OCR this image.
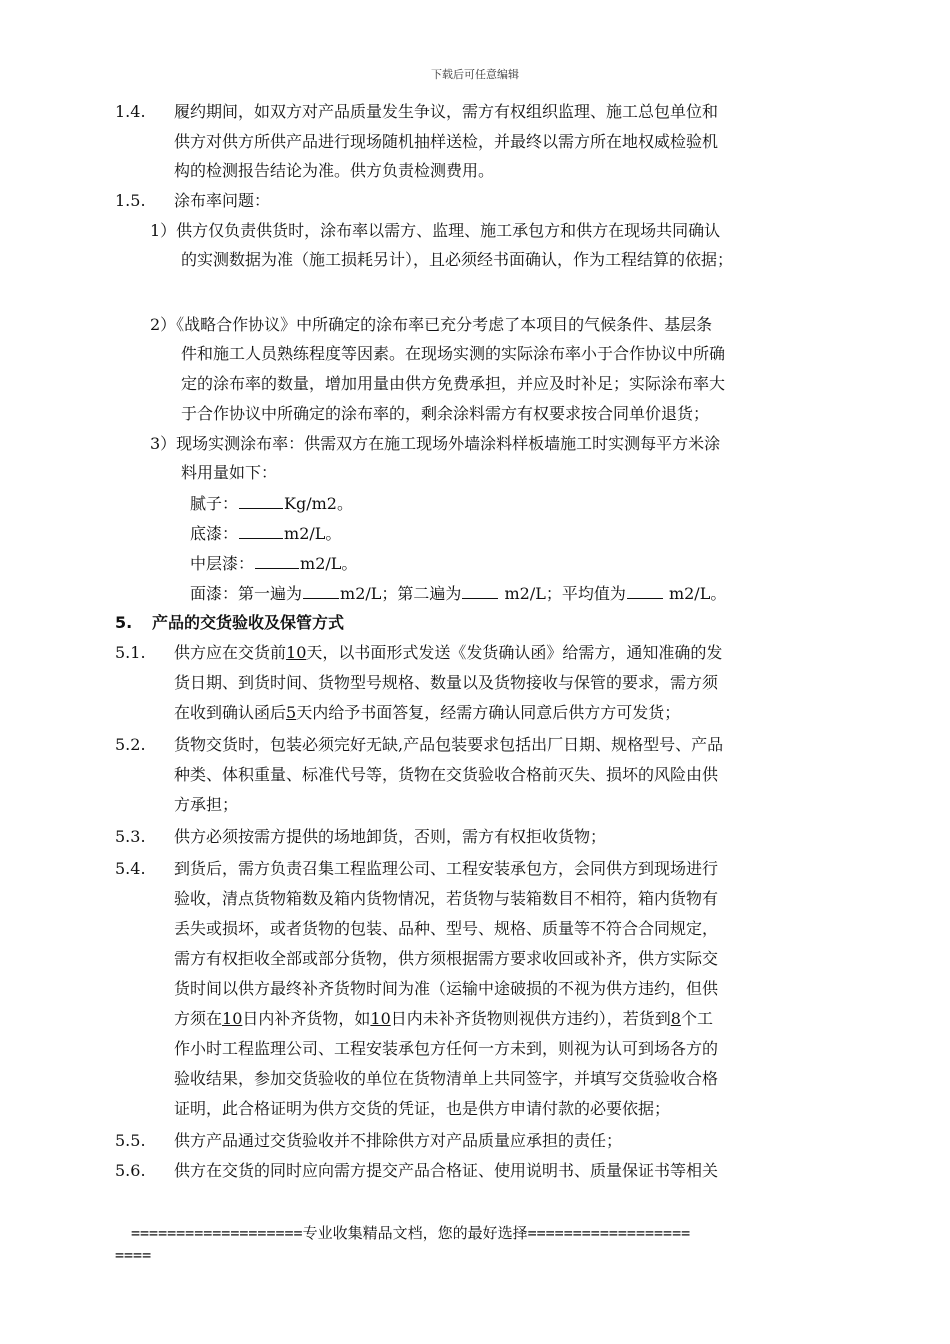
下载后可任意编辑
1.4. 履约期间，如双方对产品质量发生争议，需方有权组织监理、施工总包单位和
供方对供方所供产品进行现场随机抽样送检，并最终以需方所在地权威检验机
构的检测报告结论为准。供方负责检测费用。
1.5. 涂布率问题：
1）供方仅负责供货时，涂布率以需方、监理、施工承包方和供方在现场共同确认
的实测数据为准（施工损耗另计），且必须经书面确认，作为工程结算的依据；
2）《战略合作协议》中所确定的涂布率已充分考虑了本项目的气候条件、基层条
件和施工人员熟练程度等因素。在现场实测的实际涂布率小于合作协议中所确
定的涂布率的数量，增加用量由供方免费承担，并应及时补足；实际涂布率大
于合作协议中所确定的涂布率的，剩余涂料需方有权要求按合同单价退货；
3）现场实测涂布率：供需双方在施工现场外墙涂料样板墙施工时实测每平方米涂
料用量如下：
腻子：	Kg/m2。
底漆：	m2/L。
中层漆：	m2/L。
面漆：第一遍为 m2/L；第二遍为	m2/L；平均值为	m2/L。
5. 产品的交货验收及保管方式
5.1. 供方应在交货前10天，以书面形式发送《发货确认函》给需方，通知准确的发
货日期、到货时间、货物型号规格、数量以及货物接收与保管的要求，需方须
在收到确认函后5天内给予书面答复，经需方确认同意后供方方可发货；
5.2. 货物交货时，包装必须完好无缺,产品包装要求包括出厂日期、规格型号、产品
种类、体积重量、标准代号等，货物在交货验收合格前灭失、损坏的风险由供
方承担；
5.3. 供方必须按需方提供的场地卸货，否则，需方有权拒收货物；
5.4. 到货后，需方负责召集工程监理公司、工程安装承包方，会同供方到现场进行
验收，清点货物箱数及箱内货物情况，若货物与装箱数目不相符，箱内货物有
丢失或损坏，或者货物的包装、品种、型号、规格、质量等不符合合同规定，
需方有权拒收全部或部分货物，供方须根据需方要求收回或补齐，供方实际交
货时间以供方最终补齐货物时间为准（运输中途破损的不视为供方违约，但供
方须在10日内补齐货物，如10日内未补齐货物则视供方违约），若货到8个工
作小时工程监理公司、工程安装承包方任何一方未到，则视为认可到场各方的
验收结果，参加交货验收的单位在货物清单上共同签字，并填写交货验收合格
证明，此合格证明为供方交货的凭证，也是供方申请付款的必要依据；
5.5. 供方产品通过交货验收并不排除供方对产品质量应承担的责任；
5.6. 供方在交货的同时应向需方提交产品合格证、使用说明书、质量保证书等相关
===================专业收集精品文档，您的最好选择==================
====
